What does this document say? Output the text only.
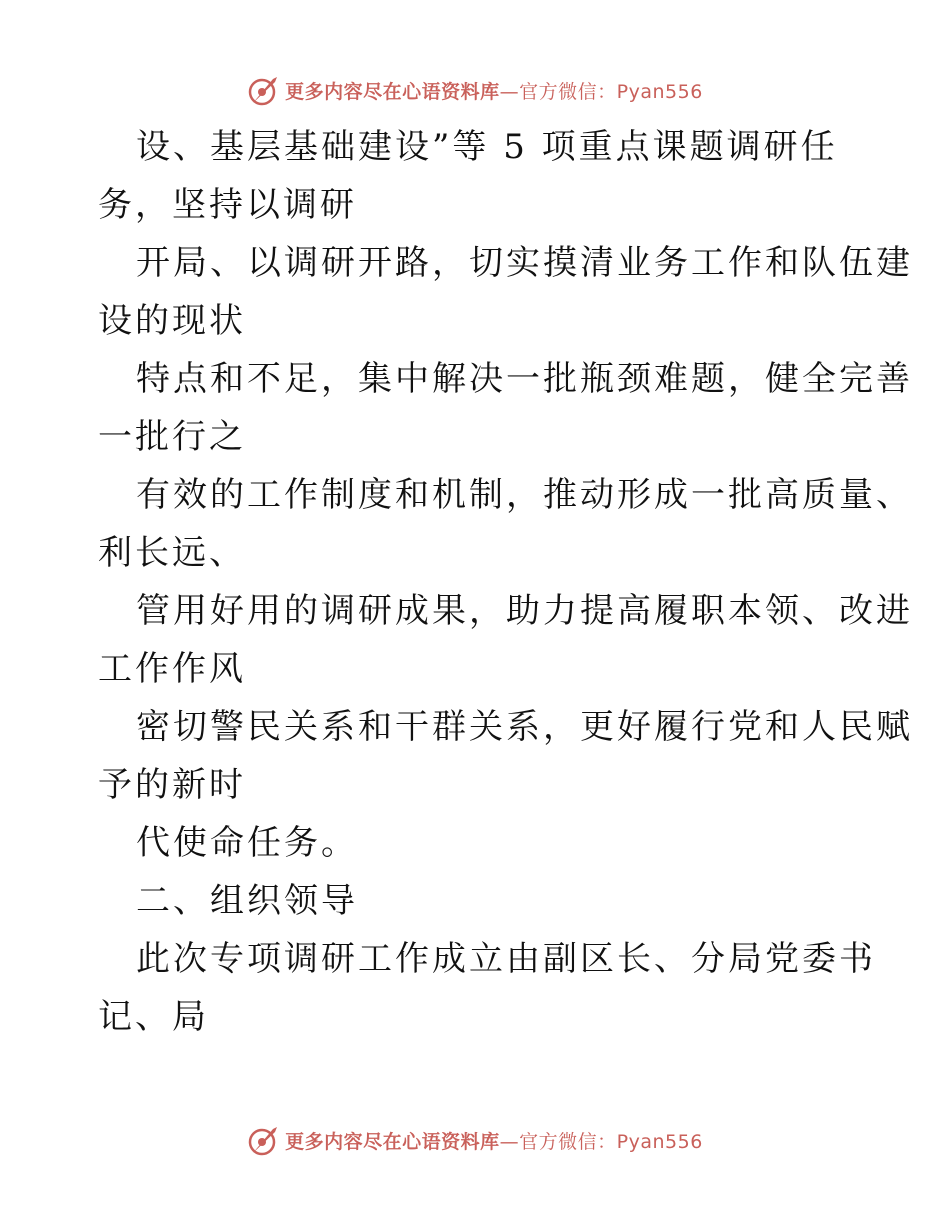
更多内容尽在心语资料库—官方微信：Pyan556
设、基层基础建设”等 5 项重点课题调研任
务，坚持以调研
开局、以调研开路，切实摸清业务工作和队伍建
设的现状
特点和不足，集中解决一批瓶颈难题，健全完善
一批行之
有效的工作制度和机制，推动形成一批高质量、
利长远、
管用好用的调研成果，助力提高履职本领、改进
工作作风
密切警民关系和干群关系，更好履行党和人民赋
予的新时
代使命任务。
二、组织领导
此次专项调研工作成立由副区长、分局党委书
记、局
更多内容尽在心语资料库—官方微信：Pyan556
